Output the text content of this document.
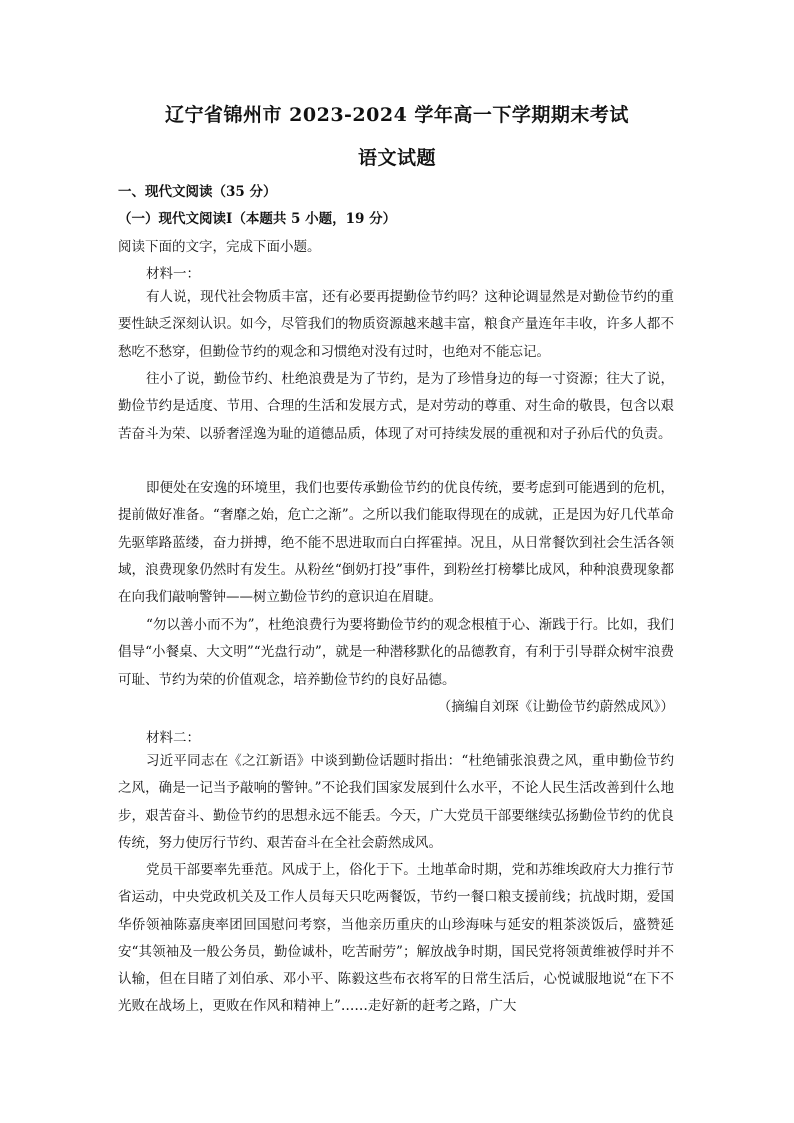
辽宁省锦州市 2023-2024 学年高一下学期期末考试
语文试题
一、现代文阅读（35 分）
（一）现代文阅读Ⅰ（本题共 5 小题，19 分）
阅读下面的文字，完成下面小题。
材料一：

有人说，现代社会物质丰富，还有必要再提勤俭节约吗？这种论调显然是对勤俭节约的重要性缺乏深刻认识。如今，尽管我们的物质资源越来越丰富，粮食产量连年丰收，许多人都不愁吃不愁穿，但勤俭节约的观念和习惯绝对没有过时，也绝对不能忘记。

往小了说，勤俭节约、杜绝浪费是为了节约，是为了珍惜身边的每一寸资源；往大了说，勤俭节约是适度、节用、合理的生活和发展方式，是对劳动的尊重、对生命的敬畏，包含以艰苦奋斗为荣、以骄奢淫逸为耻的道德品质，体现了对可持续发展的重视和对子孙后代的负责。

即便处在安逸的环境里，我们也要传承勤俭节约的优良传统，要考虑到可能遇到的危机，提前做好准备。“奢靡之始，危亡之渐”。之所以我们能取得现在的成就，正是因为好几代革命先驱筚路蓝缕，奋力拼搏，绝不能不思进取而白白挥霍掉。况且，从日常餐饮到社会生活各领域，浪费现象仍然时有发生。从粉丝“倒奶打投”事件，到粉丝打榜攀比成风，种种浪费现象都在向我们敲响警钟——树立勤俭节约的意识迫在眉睫。

“勿以善小而不为”，杜绝浪费行为要将勤俭节约的观念根植于心、渐践于行。比如，我们倡导“小餐桌、大文明”“光盘行动”，就是一种潜移默化的品德教育，有利于引导群众树牢浪费可耻、节约为荣的价值观念，培养勤俭节约的良好品德。

（摘编自刘琛《让勤俭节约蔚然成风》）

材料二：

习近平同志在《之江新语》中谈到勤俭话题时指出：“杜绝铺张浪费之风，重申勤俭节约之风，确是一记当予敲响的警钟。”不论我们国家发展到什么水平，不论人民生活改善到什么地步，艰苦奋斗、勤俭节约的思想永远不能丢。今天，广大党员干部要继续弘扬勤俭节约的优良传统，努力使厉行节约、艰苦奋斗在全社会蔚然成风。

党员干部要率先垂范。风成于上，俗化于下。土地革命时期，党和苏维埃政府大力推行节省运动，中央党政机关及工作人员每天只吃两餐饭，节约一餐口粮支援前线；抗战时期，爱国华侨领袖陈嘉庚率团回国慰问考察，当他亲历重庆的山珍海味与延安的粗茶淡饭后，盛赞延安“其领袖及一般公务员，勤俭诚朴，吃苦耐劳”；解放战争时期，国民党将领黄维被俘时并不认输，但在目睹了刘伯承、邓小平、陈毅这些布衣将军的日常生活后，心悦诚服地说“在下不光败在战场上，更败在作风和精神上”……走好新的赶考之路，广大
